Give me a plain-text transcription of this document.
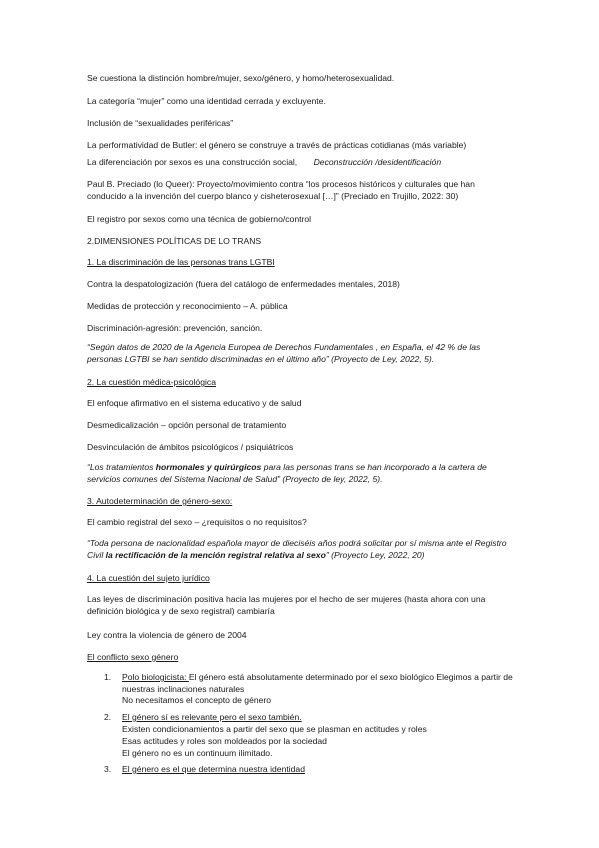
Se cuestiona la distinción hombre/mujer, sexo/género, y homo/heterosexualidad.
La categoría “mujer” como una identidad cerrada y excluyente.
Inclusión de “sexualidades periféricas”
La performatividad de Butler: el género se construye a través de prácticas cotidianas (más variable)
La diferenciación por sexos es una construcción social, Deconstrucción /desidentificación
Paul B. Preciado (lo Queer): Proyecto/movimiento contra “los procesos históricos y culturales que han conducido a la invención del cuerpo blanco y cisheterosexual […]” (Preciado en Trujillo, 2022: 30)
El registro por sexos como una técnica de gobierno/control
2.DIMENSIONES POLÍTICAS DE LO TRANS
1. La discriminación de las personas trans LGTBI
Contra la despatologización (fuera del catálogo de enfermedades mentales, 2018)
Medidas de protección y reconocimiento – A. pública
Discriminación-agresión: prevención, sanción.
“Según datos de 2020 de la Agencia Europea de Derechos Fundamentales , en España, el 42 % de las personas LGTBI se han sentido discriminadas en el último año” (Proyecto de Ley, 2022, 5).
2. La cuestión médica-psicológica
El enfoque afirmativo en el sistema educativo y de salud
Desmedicalización – opción personal de tratamiento
Desvinculación de ámbitos psicológicos / psiquiátricos
“Los tratamientos hormonales y quirúrgicos para las personas trans se han incorporado a la cartera de servicios comunes del Sistema Nacional de Salud” (Proyecto de ley, 2022, 5).
3. Autodeterminación de género-sexo:
El cambio registral del sexo – ¿requisitos o no requisitos?
“Toda persona de nacionalidad española mayor de dieciséis años podrá solicitar por sí misma ante el Registro Civil la rectificación de la mención registral relativa al sexo” (Proyecto Ley, 2022, 20)
4. La cuestión del sujeto jurídico
Las leyes de discriminación positiva hacia las mujeres por el hecho de ser mujeres (hasta ahora con una definición biológica y de sexo registral) cambiaría
Ley contra la violencia de género de 2004
El conflicto sexo género
1. Polo biologicista: El género está absolutamente determinado por el sexo biológico Elegimos a partir de nuestras inclinaciones naturales
No necesitamos el concepto de género
2. El género sí es relevante pero el sexo también.
Existen condicionamientos a partir del sexo que se plasman en actitudes y roles
Esas actitudes y roles son moldeados por la sociedad
El género no es un continuum ilimitado.
3. El género es el que determina nuestra identidad
